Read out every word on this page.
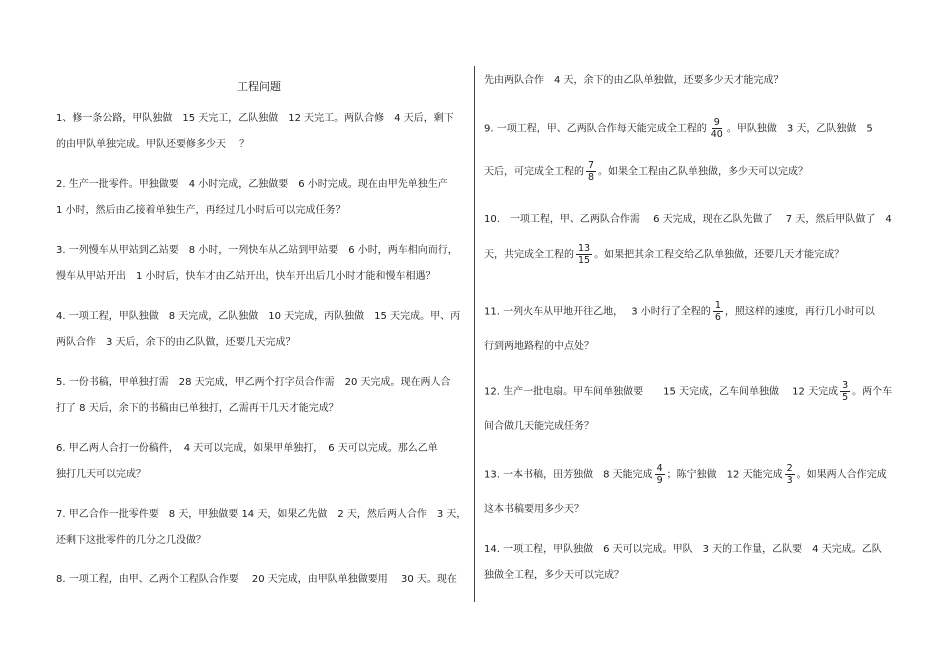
工程问题
1、修一条公路，甲队独做　15 天完工，乙队独做　12 天完工。两队合修　4 天后，剩下
的由甲队单独完成。甲队还要修多少天　 ？
2. 生产一批零件。甲独做要　4 小时完成，乙独做要　6 小时完成。现在由甲先单独生产
1 小时，然后由乙接着单独生产，再经过几小时后可以完成任务？
3. 一列慢车从甲站到乙站要　8 小时，一列快车从乙站到甲站要　6 小时，两车相向而行，
慢车从甲站开出　1 小时后，快车才由乙站开出，快车开出后几小时才能和慢车相遇？
4. 一项工程，甲队独做　8 天完成，乙队独做　10 天完成，丙队独做　15 天完成。甲、丙
两队合作　3 天后，余下的由乙队做，还要几天完成？
5. 一份书稿，甲单独打需　28 天完成，甲乙两个打字员合作需　20 天完成。现在两人合
打了 8 天后，余下的书稿由已单独打，乙需再干几天才能完成？
6. 甲乙两人合打一份稿件，　4 天可以完成，如果甲单独打，　6 天可以完成。那么乙单
独打几天可以完成？
7. 甲乙合作一批零件要　8 天，甲独做要 14 天，如果乙先做　2 天，然后两人合作　3 天，
还剩下这批零件的几分之几没做？
8. 一项工程，由甲、乙两个工程队合作要　 20 天完成，由甲队单独做要用　 30 天。现在
先由两队合作　4 天，余下的由乙队单独做，还要多少天才能完成？
9. 一项工程，甲、乙两队合作每天能完成全工程的 $\frac{9}{40}$ 。甲队独做　3 天，乙队独做　5
天后，可完成全工程的 $\frac{7}{8}$ 。如果全工程由乙队单独做，多少天可以完成？
10.　一项工程，甲、乙两队合作需　 6 天完成，现在乙队先做了　 7 天，然后甲队做了　4
天，共完成全工程的 $\frac{13}{15}$ 。如果把其余工程交给乙队单独做，还要几天才能完成？
11. 一列火车从甲地开往乙地，　 3 小时行了全程的 $\frac{1}{6}$ ，照这样的速度，再行几小时可以
行到两地路程的中点处？
12. 生产一批电扇。甲车间单独做要　　15 天完成，乙车间单独做　 12 天完成 $\frac{3}{5}$ 。两个车
间合做几天能完成任务？
13. 一本书稿，田芳独做　8 天能完成 $\frac{4}{9}$ ；陈宁独做　12 天能完成 $\frac{2}{3}$ 。如果两人合作完成
这本书稿要用多少天？
14. 一项工程，甲队独做　6 天可以完成。甲队　3 天的工作量，乙队要　4 天完成。乙队
独做全工程，多少天可以完成？
